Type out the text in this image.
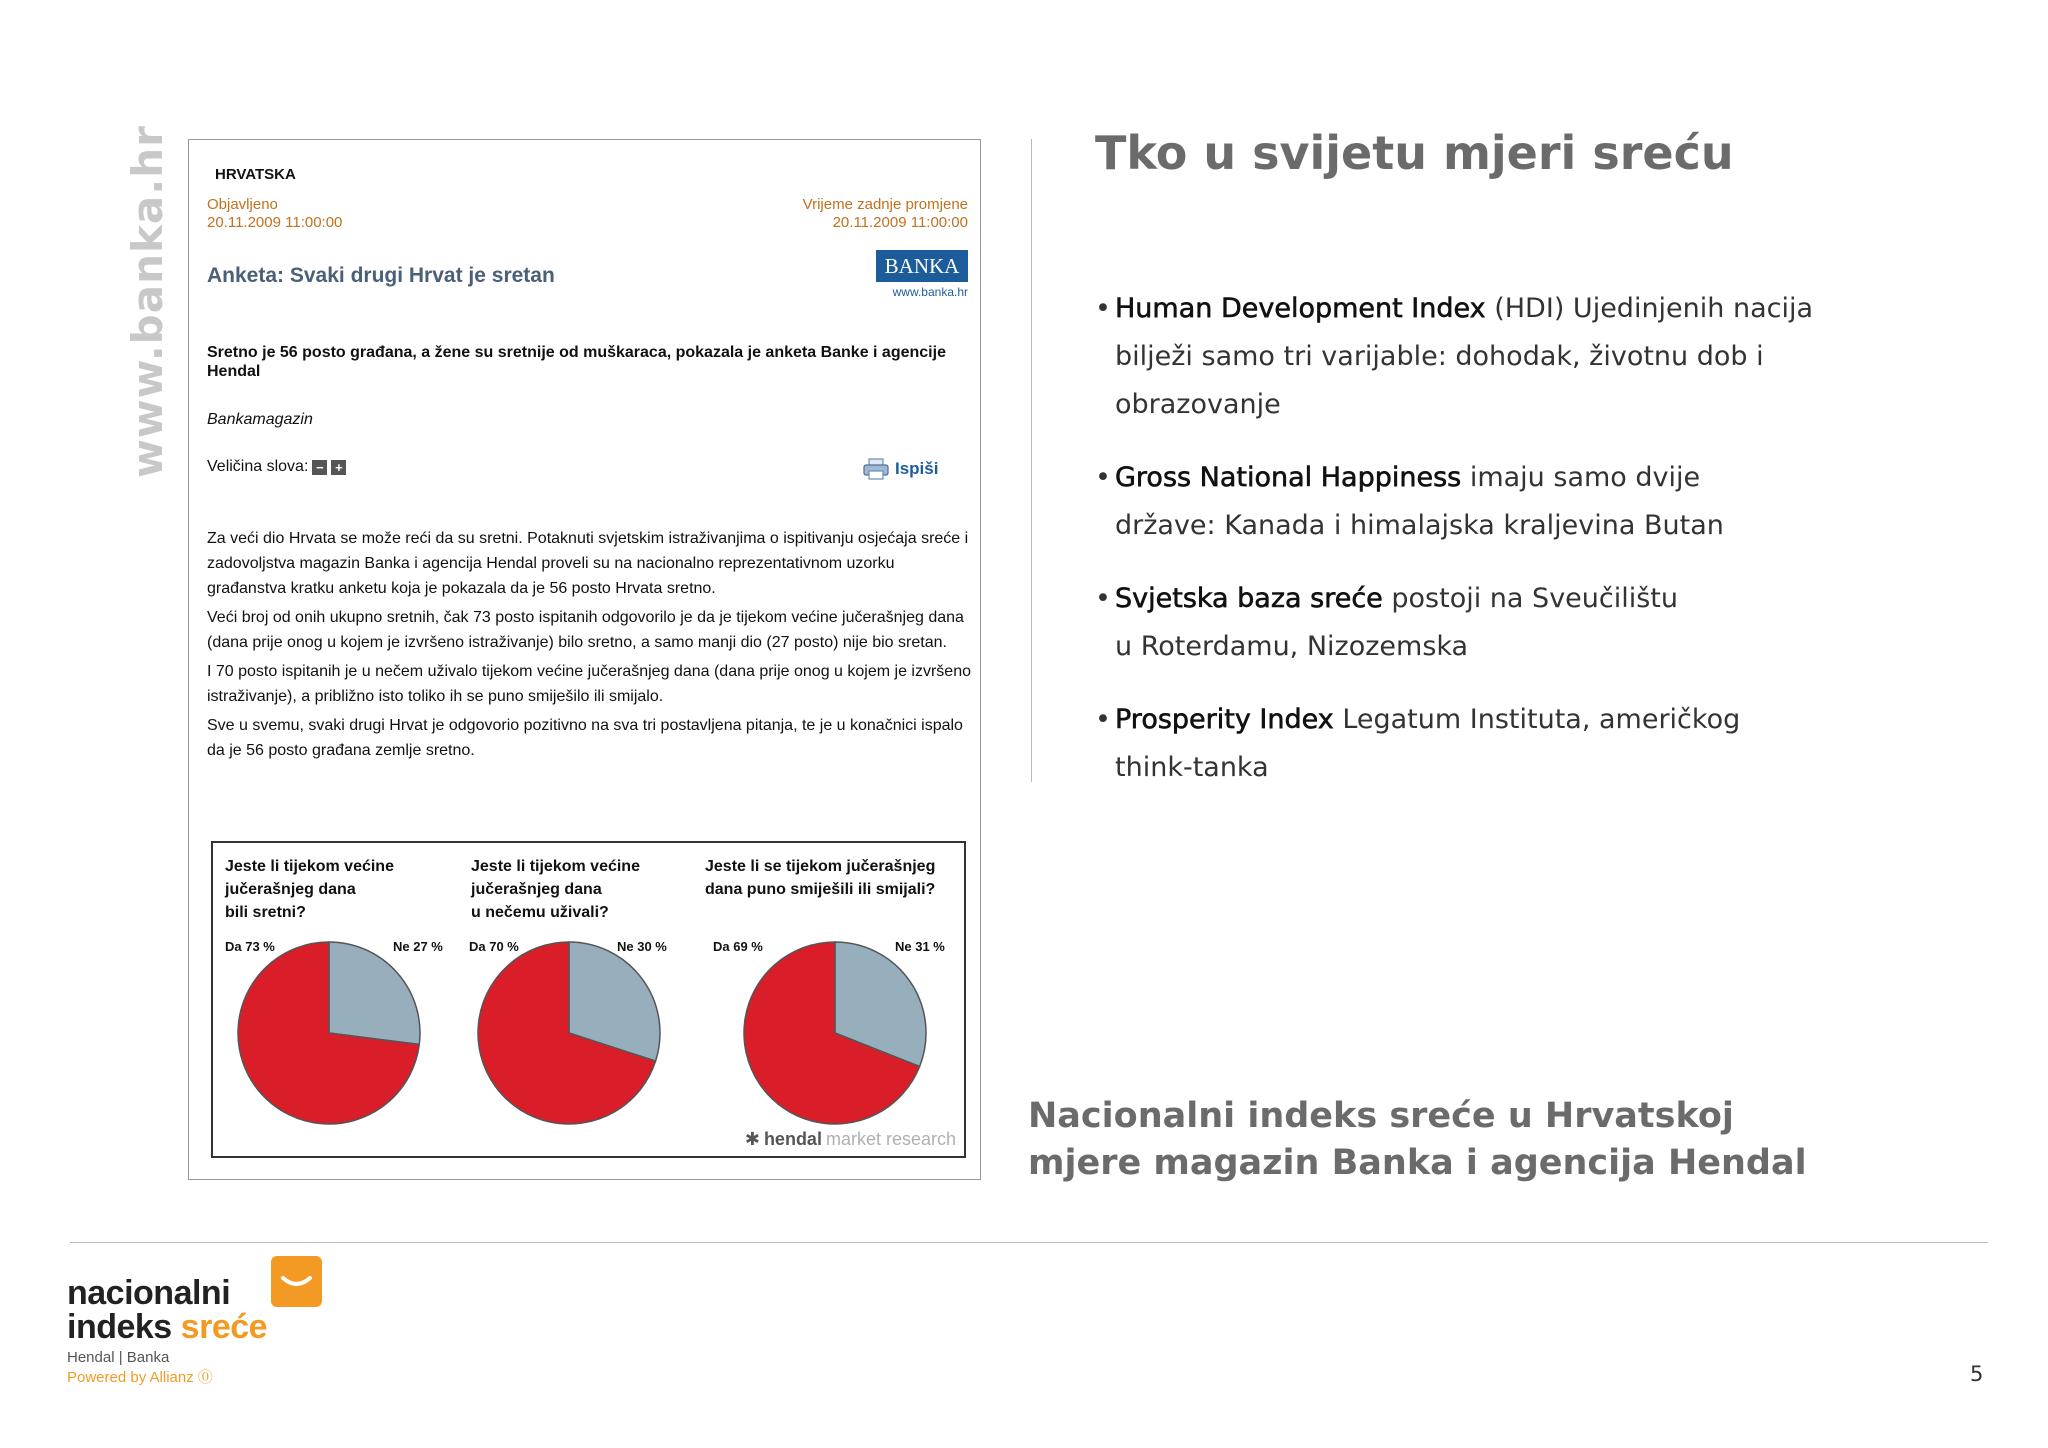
www.banka.hr	HRVATSKA
Objavljeno
20.11.2009 11:00:00
Vrijeme zadnje promjene
20.11.2009 11:00:00
Anketa: Svaki drugi Hrvat je sretan	BANKA
www.banka.hr
Sretno je 56 posto građana, a žene su sretnije od muškaraca, pokazala je anketa Banke i agencije Hendal
Bankamagazin
Veličina slova: − +	Ispiši

Za veći dio Hrvata se može reći da su sretni. Potaknuti svjetskim istraživanjima o ispitivanju osjećaja sreće i zadovoljstva magazin Banka i agencija Hendal proveli su na nacionalno reprezentativnom uzorku građanstva kratku anketu koja je pokazala da je 56 posto Hrvata sretno.

Veći broj od onih ukupno sretnih, čak 73 posto ispitanih odgovorilo je da je tijekom većine jučerašnjeg dana (dana prije onog u kojem je izvršeno istraživanje) bilo sretno, a samo manji dio (27 posto) nije bio sretan.

I 70 posto ispitanih je u nečem uživalo tijekom većine jučerašnjeg dana (dana prije onog u kojem je izvršeno istraživanje), a približno isto toliko ih se puno smiješilo ili smijalo.

Sve u svemu, svaki drugi Hrvat je odgovorio pozitivno na sva tri postavljena pitanja, te je u konačnici ispalo da je 56 posto građana zemlje sretno.

Jeste li tijekom većine
jučerašnjeg dana
bili sretni?
Da 73 %	Ne 27 %
Jeste li tijekom većine
jučerašnjeg dana
u nečemu uživali?
Da 70 %	Ne 30 %
Jeste li se tijekom jučerašnjeg
dana puno smiješili ili smijali?
Da 69 %	Ne 31 %
✱ hendal market research
Tko u svijetu mjeri sreću
• Human Development Index (HDI) Ujedinjenih nacija bilježi samo tri varijable: dohodak, životnu dob i obrazovanje
• Gross National Happiness imaju samo dvije države: Kanada i himalajska kraljevina Butan
• Svjetska baza sreće postoji na Sveučilištu u Roterdamu, Nizozemska
• Prosperity Index Legatum Instituta, američkog think-tanka
Nacionalni indeks sreće u Hrvatskoj
mjere magazin Banka i agencija Hendal
nacionalni
indeks sreće
Hendal | Banka
Powered by Allianz ⓪	5
